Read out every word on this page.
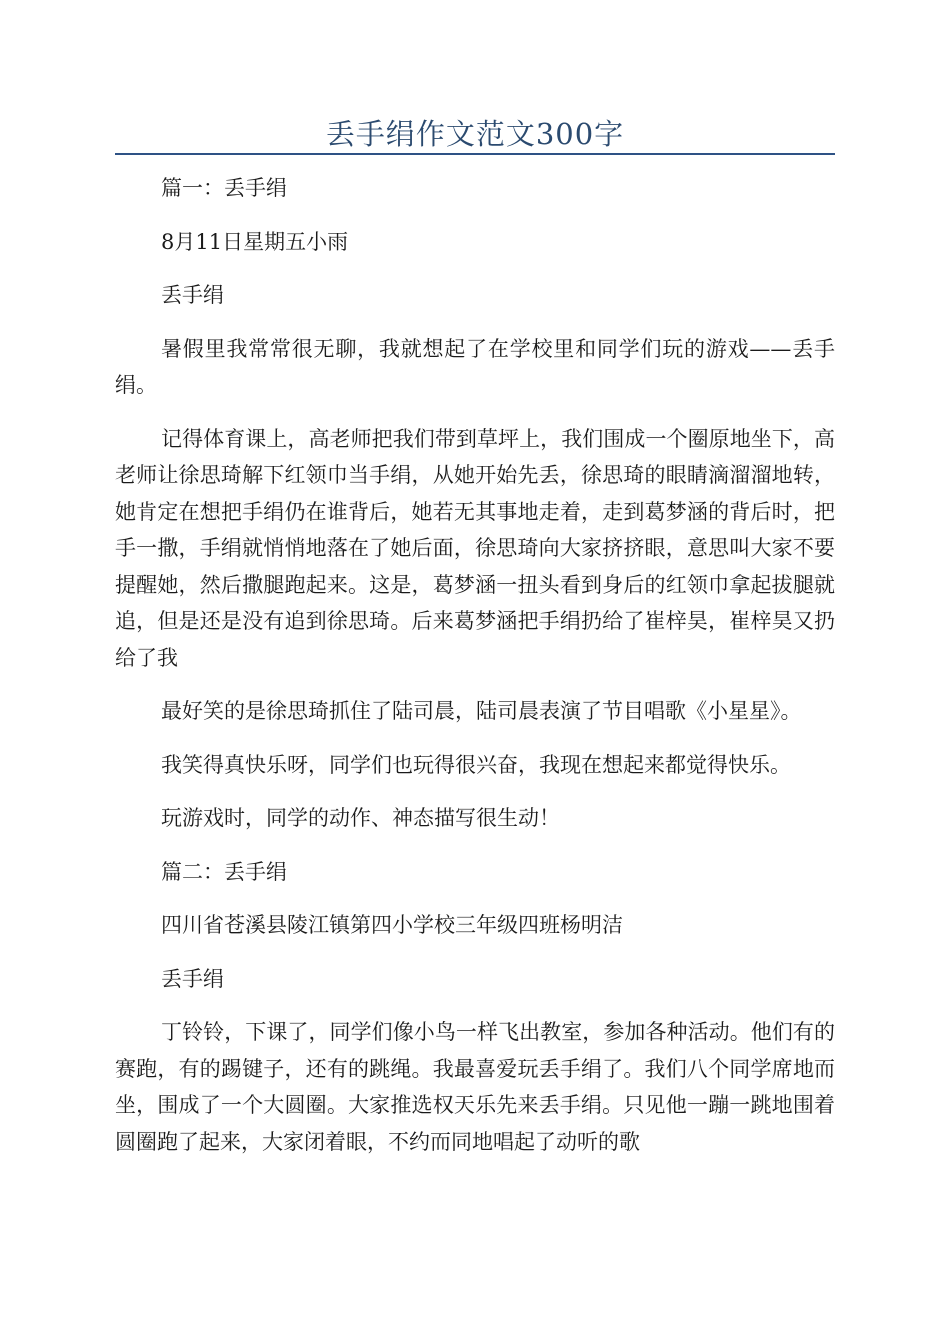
丢手绢作文范文300字

篇一：丢手绢

8月11日星期五小雨

丢手绢

暑假里我常常很无聊，我就想起了在学校里和同学们玩的游戏——丢手绢。

记得体育课上，高老师把我们带到草坪上，我们围成一个圈原地坐下，高老师让徐思琦解下红领巾当手绢，从她开始先丢，徐思琦的眼睛滴溜溜地转，她肯定在想把手绢仍在谁背后，她若无其事地走着，走到葛梦涵的背后时，把手一撒，手绢就悄悄地落在了她后面，徐思琦向大家挤挤眼，意思叫大家不要提醒她，然后撒腿跑起来。这是，葛梦涵一扭头看到身后的红领巾拿起拔腿就追，但是还是没有追到徐思琦。后来葛梦涵把手绢扔给了崔梓昊，崔梓昊又扔给了我

最好笑的是徐思琦抓住了陆司晨，陆司晨表演了节目唱歌《小星星》。

我笑得真快乐呀，同学们也玩得很兴奋，我现在想起来都觉得快乐。

玩游戏时，同学的动作、神态描写很生动！

篇二：丢手绢

四川省苍溪县陵江镇第四小学校三年级四班杨明洁

丢手绢

丁铃铃，下课了，同学们像小鸟一样飞出教室，参加各种活动。他们有的赛跑，有的踢键子，还有的跳绳。我最喜爱玩丢手绢了。我们八个同学席地而坐，围成了一个大圆圈。大家推选权天乐先来丢手绢。只见他一蹦一跳地围着圆圈跑了起来，大家闭着眼，不约而同地唱起了动听的歌
